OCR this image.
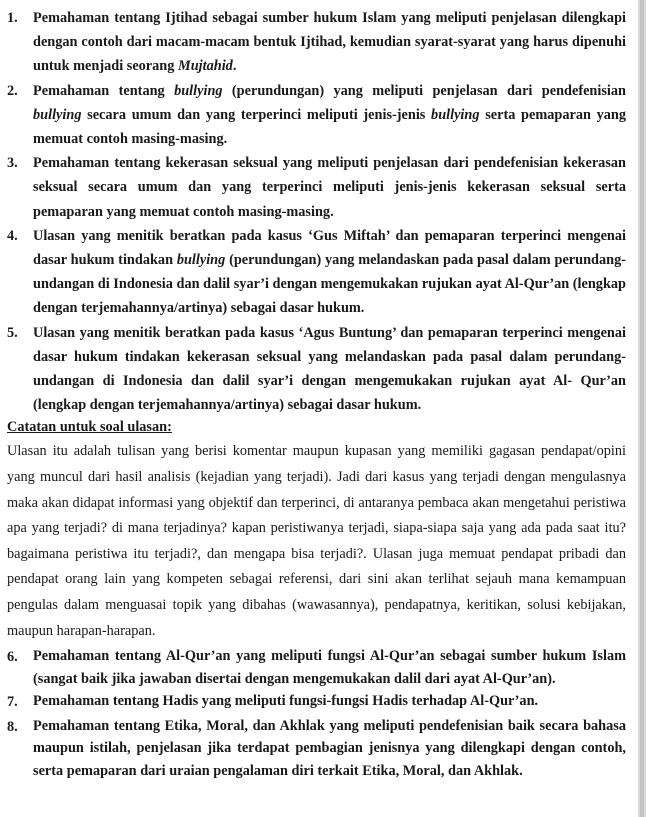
1.	Pemahaman tentang Ijtihad sebagai sumber hukum Islam yang meliputi penjelasan dilengkapi dengan contoh dari macam-macam bentuk Ijtihad, kemudian syarat-syarat yang harus dipenuhi untuk menjadi seorang Mujtahid.
2.	Pemahaman tentang bullying (perundungan) yang meliputi penjelasan dari pendefenisian bullying secara umum dan yang terperinci meliputi jenis-jenis bullying serta pemaparan yang memuat contoh masing-masing.
3.	Pemahaman tentang kekerasan seksual yang meliputi penjelasan dari pendefenisian kekerasan seksual secara umum dan yang terperinci meliputi jenis-jenis kekerasan seksual serta pemaparan yang memuat contoh masing-masing.
4.	Ulasan yang menitik beratkan pada kasus ‘Gus Miftah’ dan pemaparan terperinci mengenai dasar hukum tindakan bullying (perundungan) yang melandaskan pada pasal dalam perundang-undangan di Indonesia dan dalil syar’i dengan mengemukakan rujukan ayat Al-Qur’an (lengkap dengan terjemahannya/artinya) sebagai dasar hukum.
5.	Ulasan yang menitik beratkan pada kasus ‘Agus Buntung’ dan pemaparan terperinci mengenai dasar hukum tindakan kekerasan seksual yang melandaskan pada pasal dalam perundang-undangan di Indonesia dan dalil syar’i dengan mengemukakan rujukan ayat Al- Qur’an (lengkap dengan terjemahannya/artinya) sebagai dasar hukum.
Catatan untuk soal ulasan:
Ulasan itu adalah tulisan yang berisi komentar maupun kupasan yang memiliki gagasan pendapat/opini yang muncul dari hasil analisis (kejadian yang terjadi). Jadi dari kasus yang terjadi dengan mengulasnya maka akan didapat informasi yang objektif dan terperinci, di antaranya pembaca akan mengetahui peristiwa apa yang terjadi? di mana terjadinya? kapan peristiwanya terjadi, siapa-siapa saja yang ada pada saat itu? bagaimana peristiwa itu terjadi?, dan mengapa bisa terjadi?. Ulasan juga memuat pendapat pribadi dan pendapat orang lain yang kompeten sebagai referensi, dari sini akan terlihat sejauh mana kemampuan pengulas dalam menguasai topik yang dibahas (wawasannya), pendapatnya, keritikan, solusi kebijakan, maupun harapan-harapan.
6.	Pemahaman tentang Al-Qur’an yang meliputi fungsi Al-Qur’an sebagai sumber hukum Islam (sangat baik jika jawaban disertai dengan mengemukakan dalil dari ayat Al-Qur’an).
7.	Pemahaman tentang Hadis yang meliputi fungsi-fungsi Hadis terhadap Al-Qur’an.
8.	Pemahaman tentang Etika, Moral, dan Akhlak yang meliputi pendefenisian baik secara bahasa maupun istilah, penjelasan jika terdapat pembagian jenisnya yang dilengkapi dengan contoh, serta pemaparan dari uraian pengalaman diri terkait Etika, Moral, dan Akhlak.
